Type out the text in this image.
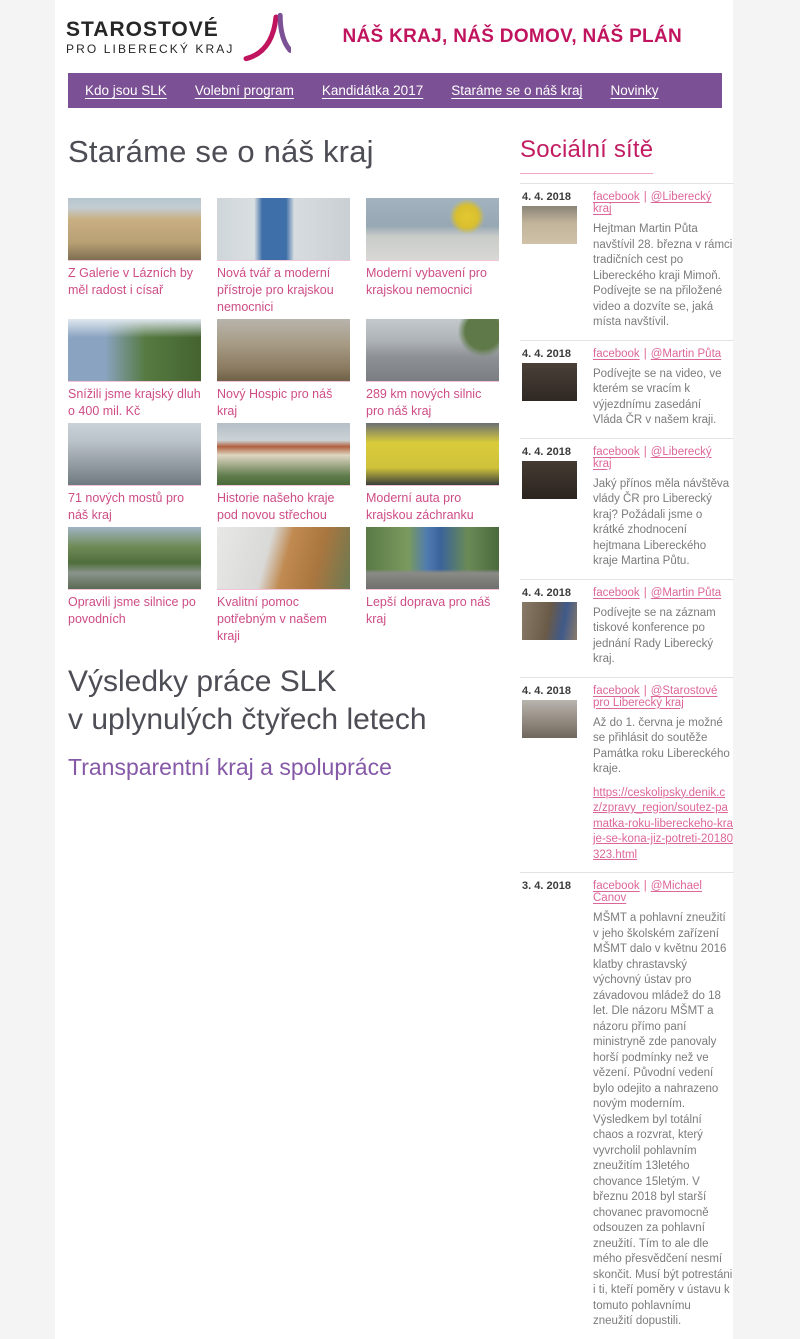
STAROSTOVÉ
PRO LIBERECKÝ KRAJ
NÁŠ KRAJ, NÁŠ DOMOV, NÁŠ PLÁN
Kdo jsou SLK Volební program Kandidátka 2017 Staráme se o náš kraj Novinky
Staráme se o náš kraj
Z Galerie v Lázních by měl radost i císař
Nová tvář a moderní přístroje pro krajskou nemocnici
Moderní vybavení pro krajskou nemocnici
Snížili jsme krajský dluh o 400 mil. Kč
Nový Hospic pro náš kraj
289 km nových silnic pro náš kraj
71 nových mostů pro náš kraj
Historie našeho kraje pod novou střechou
Moderní auta pro krajskou záchranku
Opravili jsme silnice po povodních
Kvalitní pomoc potřebným v našem kraji
Lepší doprava pro náš kraj
Výsledky práce SLK
v uplynulých čtyřech letech
Transparentní kraj a spolupráce
Sociální sítě
4. 4. 2018	facebook | @Liberecký kraj
Hejtman Martin Půta navštívil 28. března v rámci tradičních cest po Libereckého kraji Mimoň. Podívejte se na přiložené video a dozvíte se, jaká místa navštívil.
4. 4. 2018	facebook | @Martin Půta
Podívejte se na video, ve kterém se vracím k výjezdnímu zasedání Vláda ČR v našem kraji.
4. 4. 2018	facebook | @Liberecký kraj
Jaký přínos měla návštěva vlády ČR pro Liberecký kraj? Požádali jsme o krátké zhodnocení hejtmana Libereckého kraje Martina Půtu.
4. 4. 2018	facebook | @Martin Půta
Podívejte se na záznam tiskové konference po jednání Rady Liberecký kraj.
4. 4. 2018	facebook | @Starostové pro Liberecký kraj
Až do 1. června je možné se přihlásit do soutěže Památka roku Libereckého kraje.
https://ceskolipsky.denik.cz/zpravy_region/soutez-pamatka-roku-libereckeho-kraje-se-kona-jiz-potreti-20180323.html
3. 4. 2018	facebook | @Michael Canov
MŠMT a pohlavní zneužití v jeho školském zařízení MŠMT dalo v květnu 2016 klatby chrastavský výchovný ústav pro závadovou mládež do 18 let. Dle názoru MŠMT a názoru přímo paní ministryně zde panovaly horší podmínky než ve vězení. Původní vedení bylo odejito a nahrazeno novým moderním. Výsledkem byl totální chaos a rozvrat, který vyvrcholil pohlavním zneužitím 13letého chovance 15letým. V březnu 2018 byl starší chovanec pravomocně odsouzen za pohlavní zneužití. Tím to ale dle mého přesvědčení nesmí skončit. Musí být potrestáni i ti, kteří poměry v ústavu k tomuto pohlavnímu zneužití dopustili.
